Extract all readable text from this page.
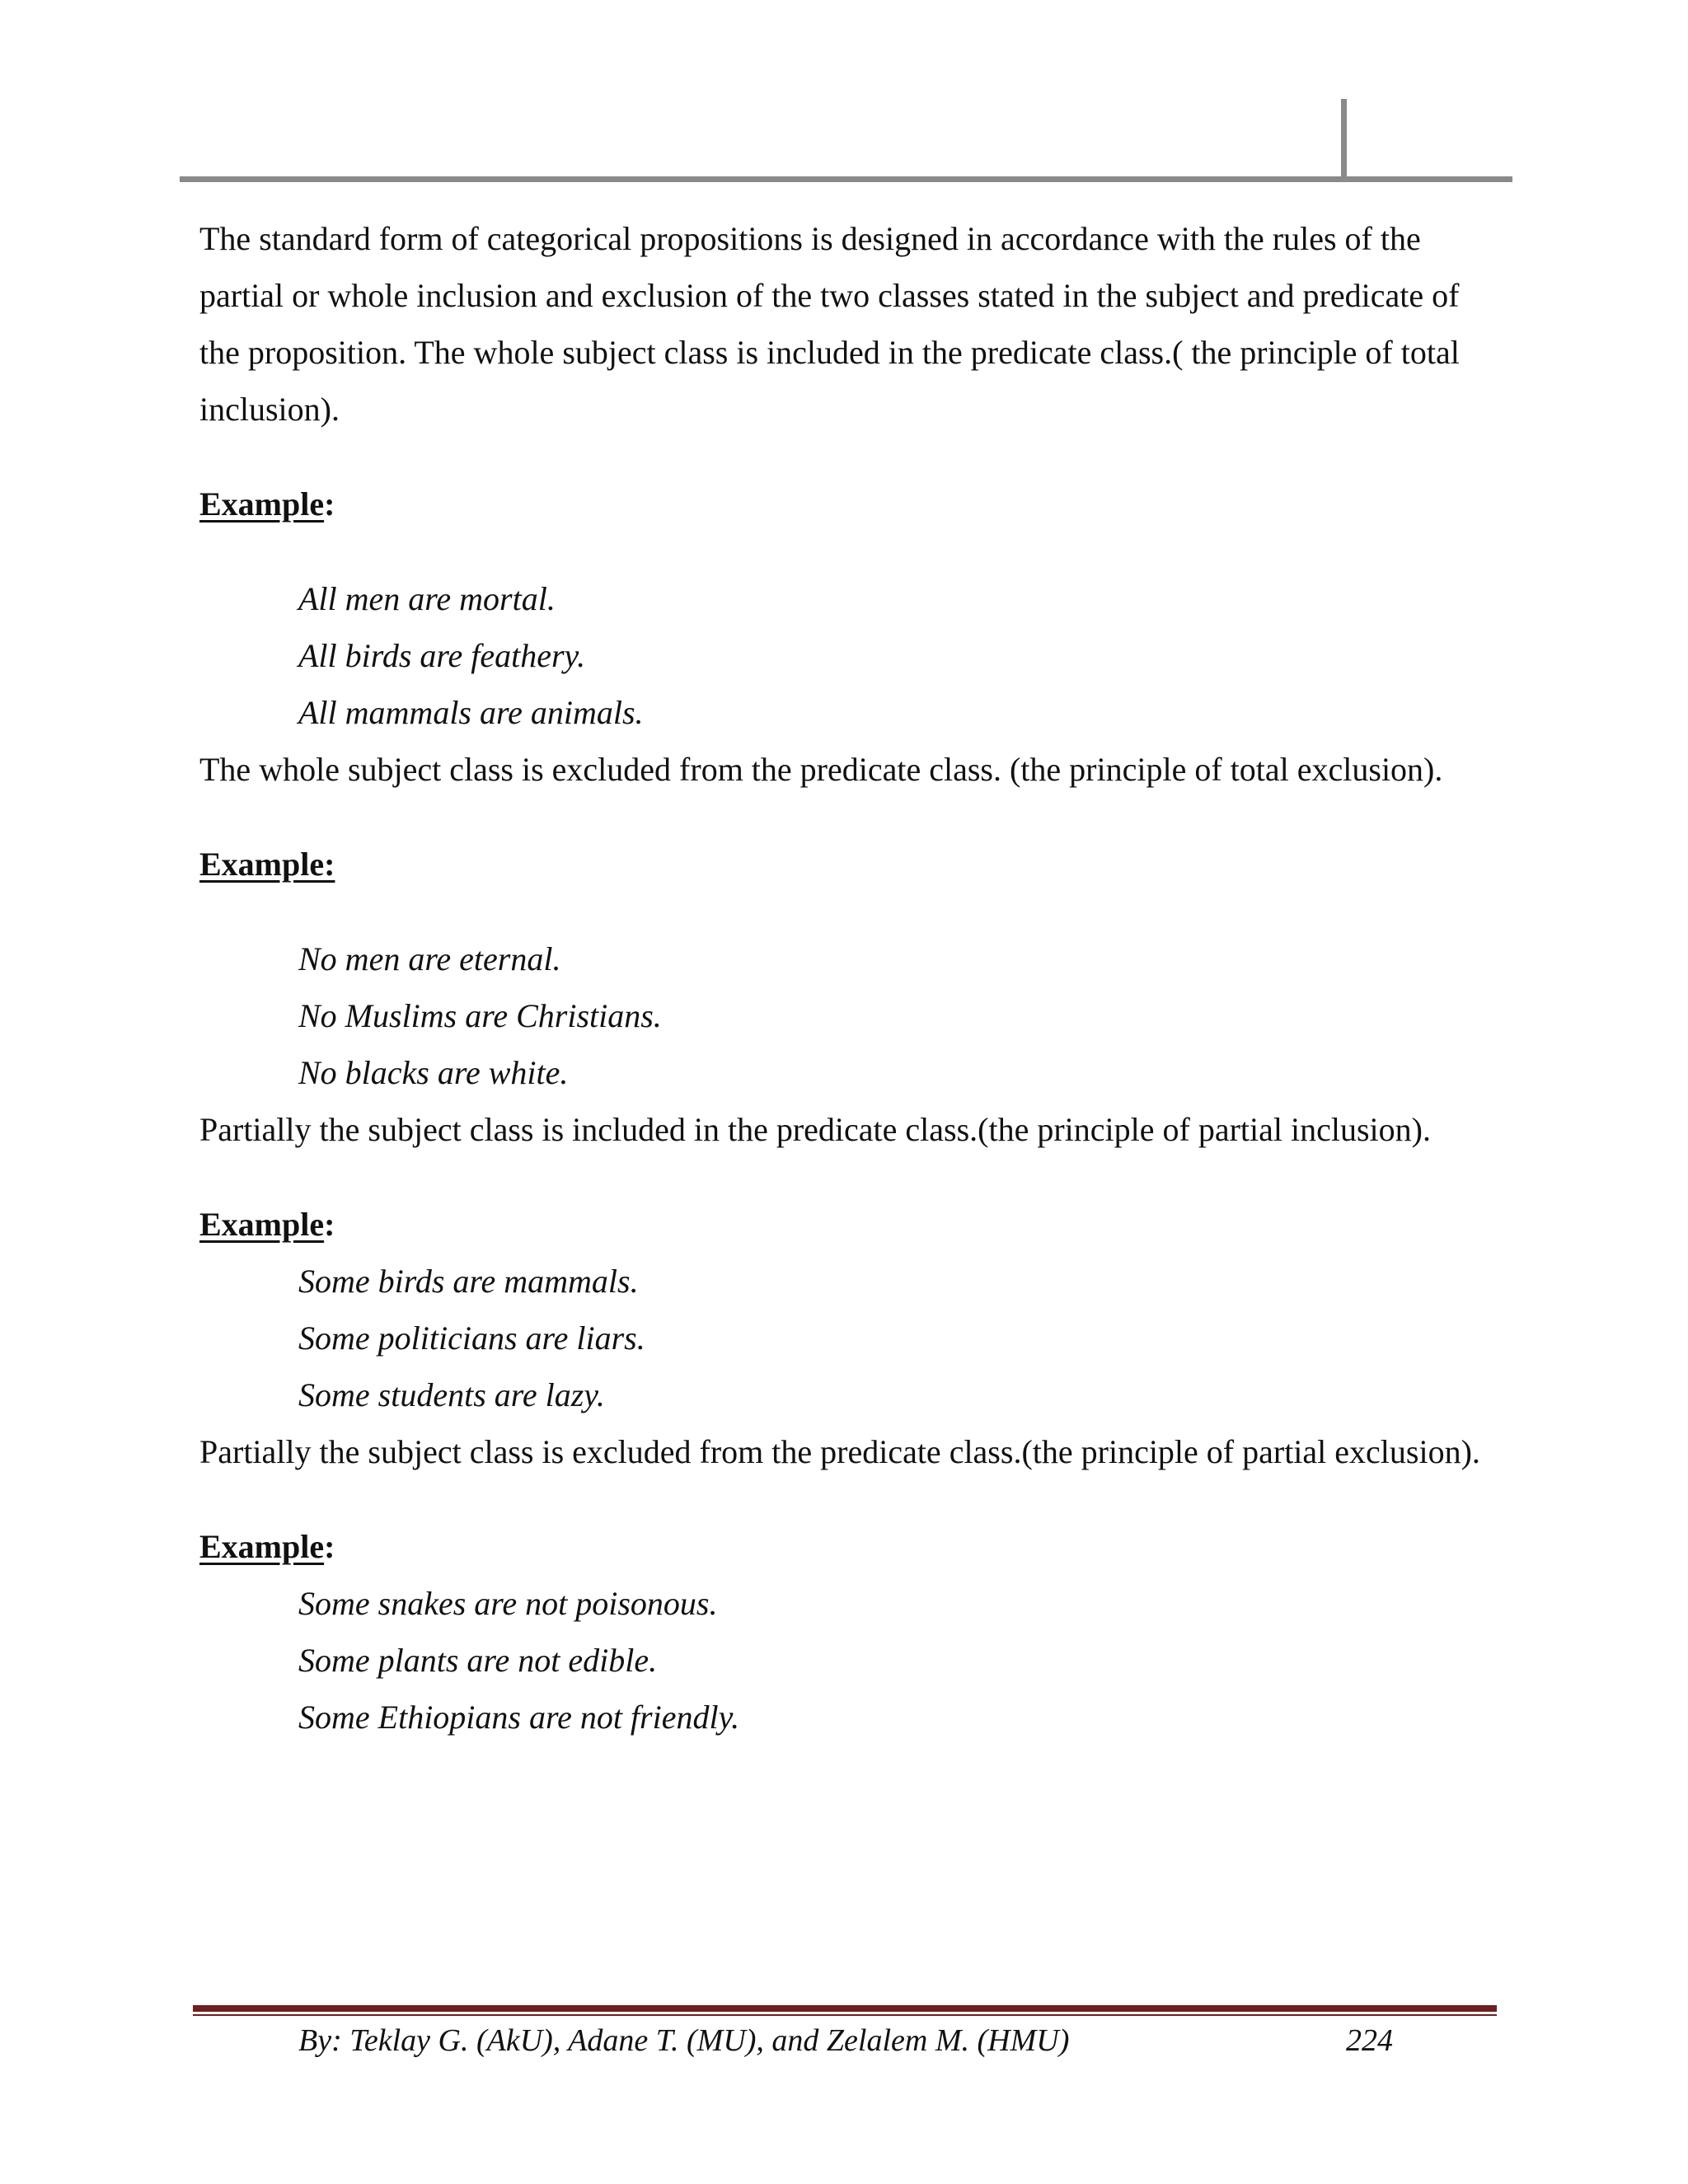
The standard form of categorical propositions is designed in accordance with the rules of the partial or whole inclusion and exclusion of the two classes stated in the subject and predicate of the proposition. The whole subject class is included in the predicate class.( the principle of total inclusion).

Example:

All men are mortal.
All birds are feathery.
All mammals are animals.

The whole subject class is excluded from the predicate class. (the principle of total exclusion).

Example:

No men are eternal.
No Muslims are Christians.
No blacks are white.

Partially the subject class is included in the predicate class.(the principle of partial inclusion).

Example:

Some birds are mammals.
Some politicians are liars.
Some students are lazy.

Partially the subject class is excluded from the predicate class.(the principle of partial exclusion).

Example:

Some snakes are not poisonous.
Some plants are not edible.
Some Ethiopians are not friendly.
By: Teklay G. (AkU), Adane T. (MU), and Zelalem M. (HMU)	224
